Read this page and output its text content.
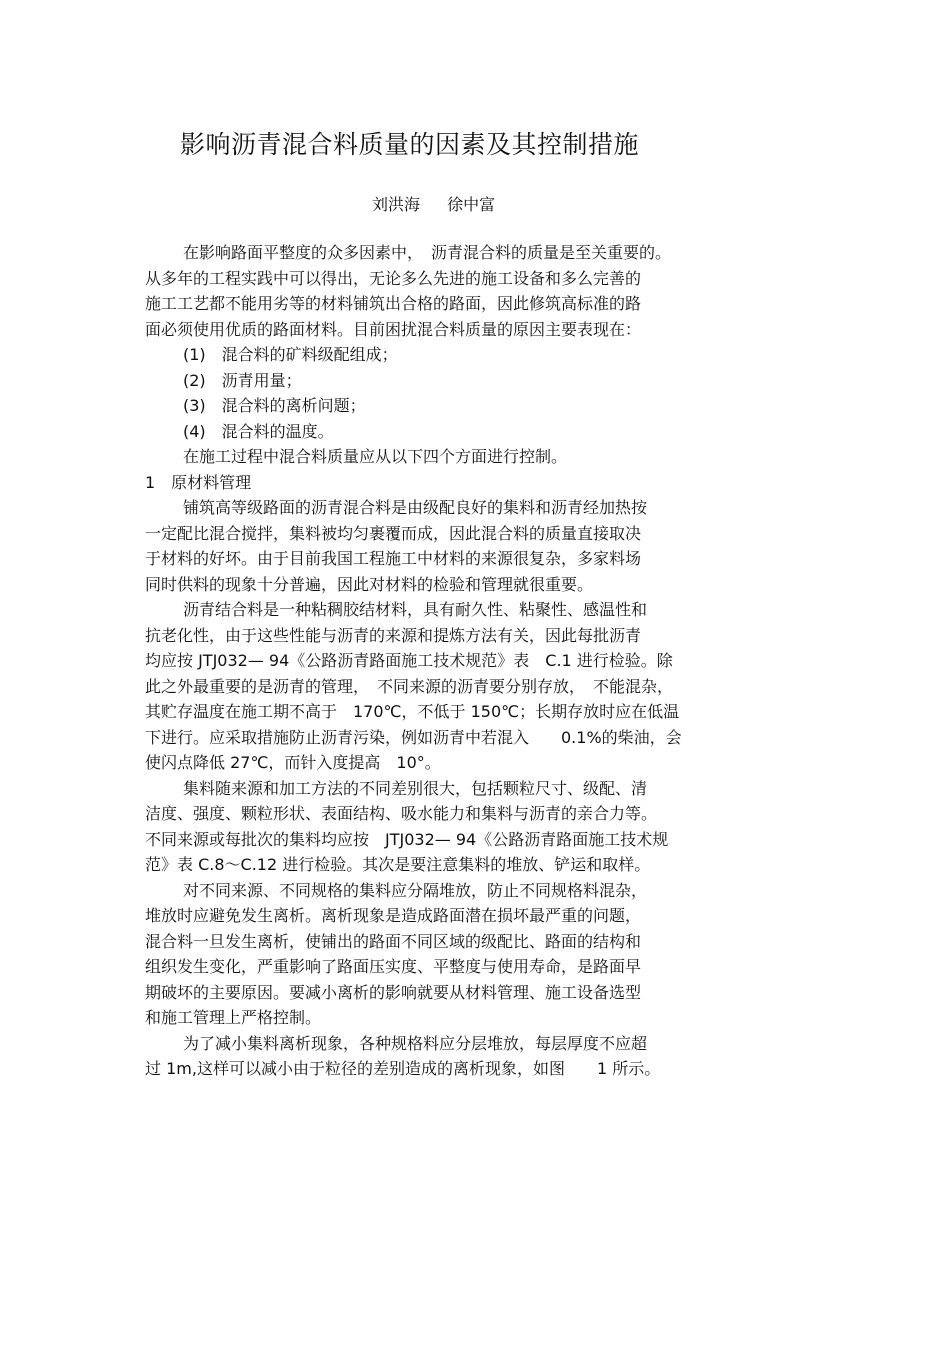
影响沥青混合料质量的因素及其控制措施
刘洪海 徐中富
在影响路面平整度的众多因素中，　沥青混合料的质量是至关重要的。
从多年的工程实践中可以得出，无论多么先进的施工设备和多么完善的
施工工艺都不能用劣等的材料铺筑出合格的路面，因此修筑高标准的路
面必须使用优质的路面材料。目前困扰混合料质量的原因主要表现在：
(1)　混合料的矿料级配组成；
(2)　沥青用量；
(3)　混合料的离析问题；
(4)　混合料的温度。
在施工过程中混合料质量应从以下四个方面进行控制。
1　原材料管理
铺筑高等级路面的沥青混合料是由级配良好的集料和沥青经加热按
一定配比混合搅拌，集料被均匀裹覆而成，因此混合料的质量直接取决
于材料的好坏。由于目前我国工程施工中材料的来源很复杂，多家料场
同时供料的现象十分普遍，因此对材料的检验和管理就很重要。
沥青结合料是一种粘稠胶结材料，具有耐久性、粘聚性、感温性和
抗老化性，由于这些性能与沥青的来源和提炼方法有关，因此每批沥青
均应按 JTJ032— 94《公路沥青路面施工技术规范》表　C.1 进行检验。除
此之外最重要的是沥青的管理，　不同来源的沥青要分别存放，　不能混杂，
其贮存温度在施工期不高于　170℃，不低于 150℃；长期存放时应在低温
下进行。应采取措施防止沥青污染，例如沥青中若混入　　0.1%的柴油，会
使闪点降低 27℃，而针入度提高　10°。
集料随来源和加工方法的不同差别很大，包括颗粒尺寸、级配、清
洁度、强度、颗粒形状、表面结构、吸水能力和集料与沥青的亲合力等。
不同来源或每批次的集料均应按　JTJ032— 94《公路沥青路面施工技术规
范》表 C.8～C.12 进行检验。其次是要注意集料的堆放、铲运和取样。
对不同来源、不同规格的集料应分隔堆放，防止不同规格料混杂，
堆放时应避免发生离析。离析现象是造成路面潜在损坏最严重的问题，
混合料一旦发生离析，使铺出的路面不同区域的级配比、路面的结构和
组织发生变化，严重影响了路面压实度、平整度与使用寿命，是路面早
期破坏的主要原因。要减小离析的影响就要从材料管理、施工设备选型
和施工管理上严格控制。
为了减小集料离析现象，各种规格料应分层堆放，每层厚度不应超
过 1m,这样可以减小由于粒径的差别造成的离析现象，如图　　1 所示。
